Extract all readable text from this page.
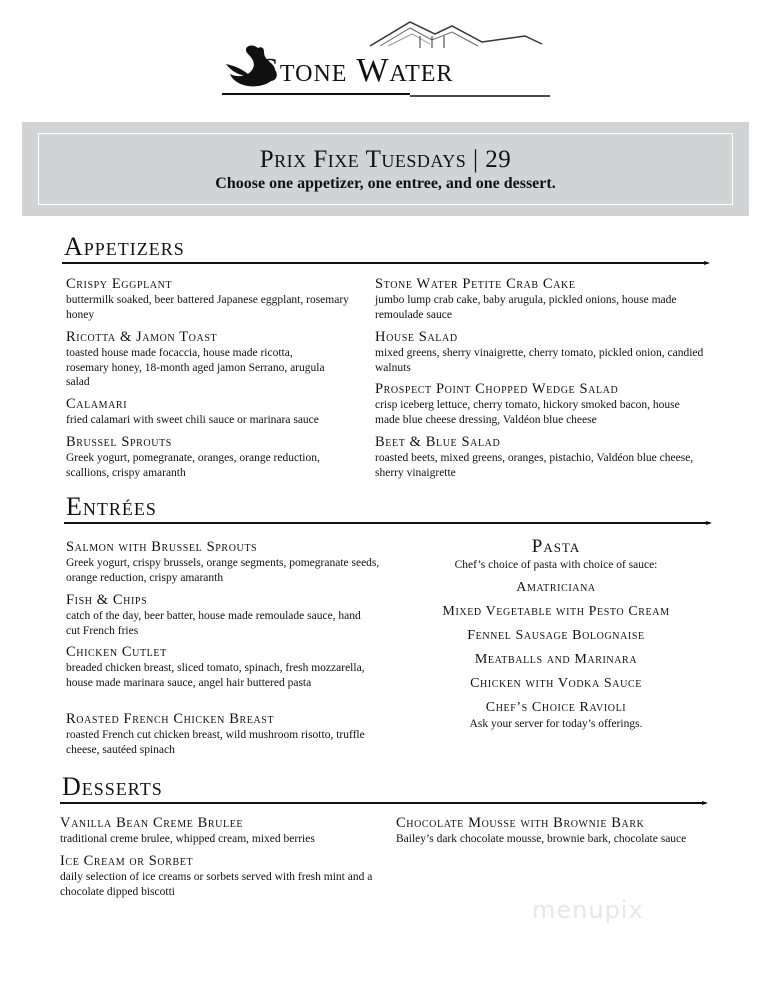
Stone Water
Prix Fixe Tuesdays | 29
Choose one appetizer, one entree, and one dessert.
Appetizers
Crispy Eggplant
buttermilk soaked, beer battered Japanese eggplant, rosemary honey
Ricotta & Jamon Toast
toasted house made focaccia, house made ricotta, rosemary honey, 18-month aged jamon Serrano, arugula salad
Calamari
fried calamari with sweet chili sauce or marinara sauce
Brussel Sprouts
Greek yogurt, pomegranate, oranges, orange reduction, scallions, crispy amaranth
Stone Water Petite Crab Cake
jumbo lump crab cake, baby arugula, pickled onions, house made remoulade sauce
House Salad
mixed greens, sherry vinaigrette, cherry tomato, pickled onion, candied walnuts
Prospect Point Chopped Wedge Salad
crisp iceberg lettuce, cherry tomato, hickory smoked bacon, house made blue cheese dressing, Valdéon blue cheese
Beet & Blue Salad
roasted beets, mixed greens, oranges, pistachio, Valdéon blue cheese, sherry vinaigrette
Entrées
Salmon with Brussel Sprouts
Greek yogurt, crispy brussels, orange segments, pomegranate seeds, orange reduction, crispy amaranth
Fish & Chips
catch of the day, beer batter, house made remoulade sauce, hand cut French fries
Chicken Cutlet
breaded chicken breast, sliced tomato, spinach, fresh mozzarella, house made marinara sauce, angel hair buttered pasta
Roasted French Chicken Breast
roasted French cut chicken breast, wild mushroom risotto, truffle cheese, sautéed spinach
Pasta
Chef’s choice of pasta with choice of sauce:
Amatriciana
Mixed Vegetable with Pesto Cream
Fennel Sausage Bolognaise
Meatballs and Marinara
Chicken with Vodka Sauce
Chef’s Choice Ravioli
Ask your server for today’s offerings.
Desserts
Vanilla Bean Creme Brulee
traditional creme brulee, whipped cream, mixed berries
Ice Cream or Sorbet
daily selection of ice creams or sorbets served with fresh mint and a chocolate dipped biscotti
Chocolate Mousse with Brownie Bark
Bailey’s dark chocolate mousse, brownie bark, chocolate sauce
menupix
